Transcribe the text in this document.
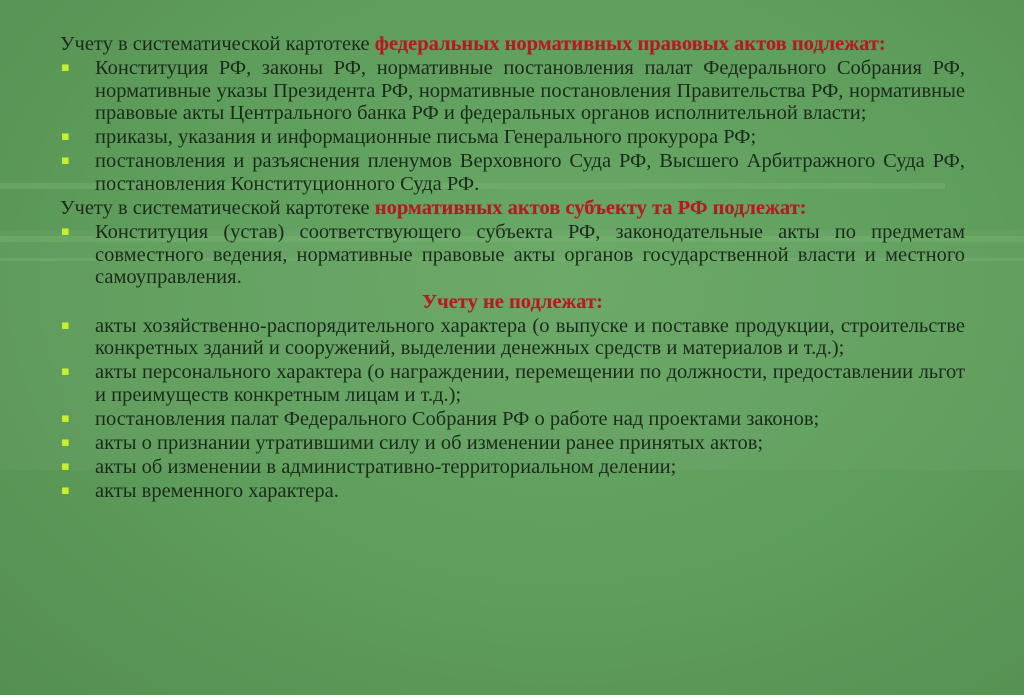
Учету в систематической картотеке федеральных нормативных правовых актов подлежат:

▪ Конституция РФ, законы РФ, нормативные постановления палат Федерального Собрания РФ, нормативные указы Президента РФ, нормативные постановления Правительства РФ, нормативные правовые акты Центрального банка РФ и федеральных органов исполнительной власти;
▪ приказы, указания и информационные письма Генерального прокурора РФ;
▪ постановления и разъяснения пленумов Верховного Суда РФ, Высшего Арбитражного Суда РФ, постановления Конституционного Суда РФ.

Учету в систематической картотеке нормативных актов субъекту та РФ подлежат:

▪ Конституция (устав) соответствующего субъекта РФ, законодательные акты по предметам совместного ведения, нормативные правовые акты органов государственной власти и местного самоуправления.

Учету не подлежат:

▪ акты хозяйственно-распорядительного характера (о выпуске и поставке продукции, строительстве конкретных зданий и сооружений, выделении денежных средств и материалов и т.д.);
▪ акты персонального характера (о награждении, перемещении по должности, предоставлении льгот и преимуществ конкретным лицам и т.д.);
▪ постановления палат Федерального Собрания РФ о работе над проектами законов;
▪ акты о признании утратившими силу и об изменении ранее принятых актов;
▪ акты об изменении в административно-территориальном делении;
▪ акты временного характера.
